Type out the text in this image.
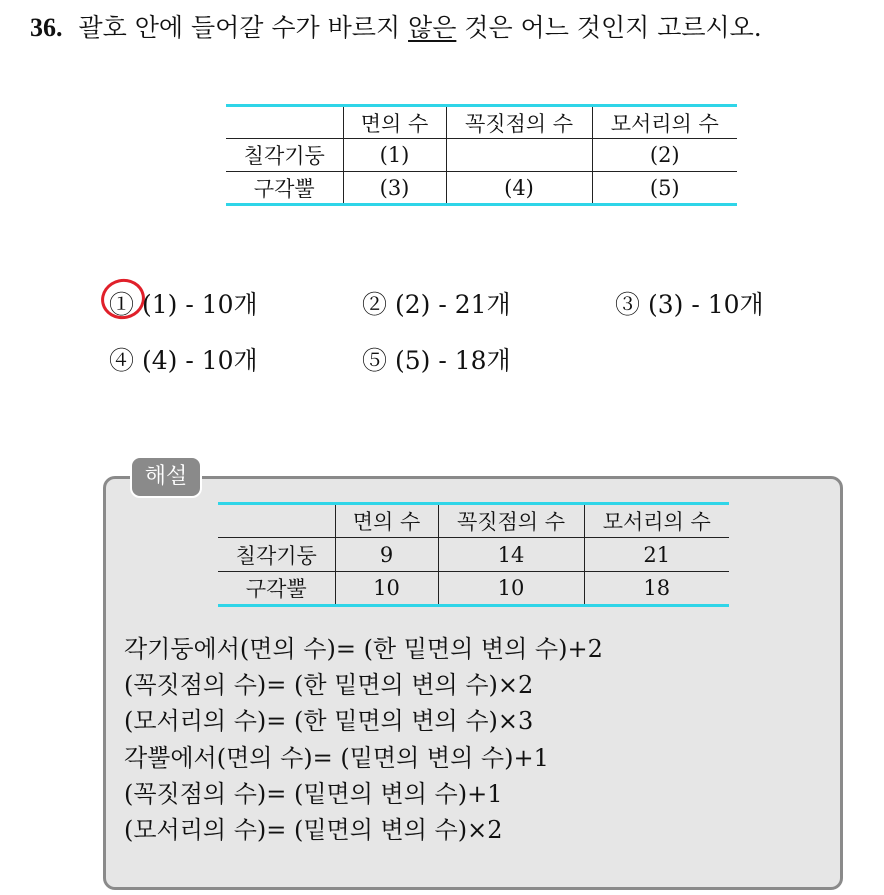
36. 괄호 안에 들어갈 수가 바르지 않은 것은 어느 것인지 고르시오.
	면의 수	꼭짓점의 수	모서리의 수
칠각기둥	(1)		(2)
구각뿔	(3)	(4)	(5)
① (1) - 10개	② (2) - 21개	③ (3) - 10개
④ (4) - 10개	⑤ (5) - 18개
해설
	면의 수	꼭짓점의 수	모서리의 수
칠각기둥	9	14	21
구각뿔	10	10	18
각기둥에서(면의 수)= (한 밑면의 변의 수)+2
(꼭짓점의 수)= (한 밑면의 변의 수)×2
(모서리의 수)= (한 밑면의 변의 수)×3
각뿔에서(면의 수)= (밑면의 변의 수)+1
(꼭짓점의 수)= (밑면의 변의 수)+1
(모서리의 수)= (밑면의 변의 수)×2
